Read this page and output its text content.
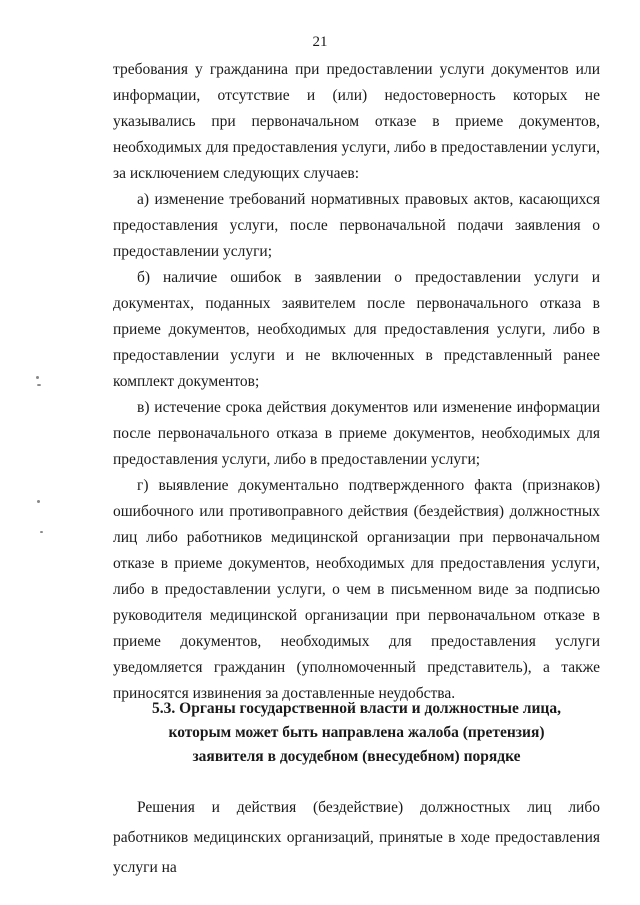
21

требования у гражданина при предоставлении услуги документов или информации, отсутствие и (или) недостоверность которых не указывались при первоначальном отказе в приеме документов, необходимых для предоставления услуги, либо в предоставлении услуги, за исключением следующих случаев:

а) изменение требований нормативных правовых актов, касающихся предоставления услуги, после первоначальной подачи заявления о предоставлении услуги;

б) наличие ошибок в заявлении о предоставлении услуги и документах, поданных заявителем после первоначального отказа в приеме документов, необходимых для предоставления услуги, либо в предоставлении услуги и не включенных в представленный ранее комплект документов;

в) истечение срока действия документов или изменение информации после первоначального отказа в приеме документов, необходимых для предоставления услуги, либо в предоставлении услуги;

г) выявление документально подтвержденного факта (признаков) ошибочного или противоправного действия (бездействия) должностных лиц либо работников медицинской организации при первоначальном отказе в приеме документов, необходимых для предоставления услуги, либо в предоставлении услуги, о чем в письменном виде за подписью руководителя медицинской организации при первоначальном отказе в приеме документов, необходимых для предоставления услуги уведомляется гражданин (уполномоченный представитель), а также приносятся извинения за доставленные неудобства.

5.3. Органы государственной власти и должностные лица,
которым может быть направлена жалоба (претензия)
заявителя в досудебном (внесудебном) порядке

Решения и действия (бездействие) должностных лиц либо работников медицинских организаций, принятые в ходе предоставления услуги на
